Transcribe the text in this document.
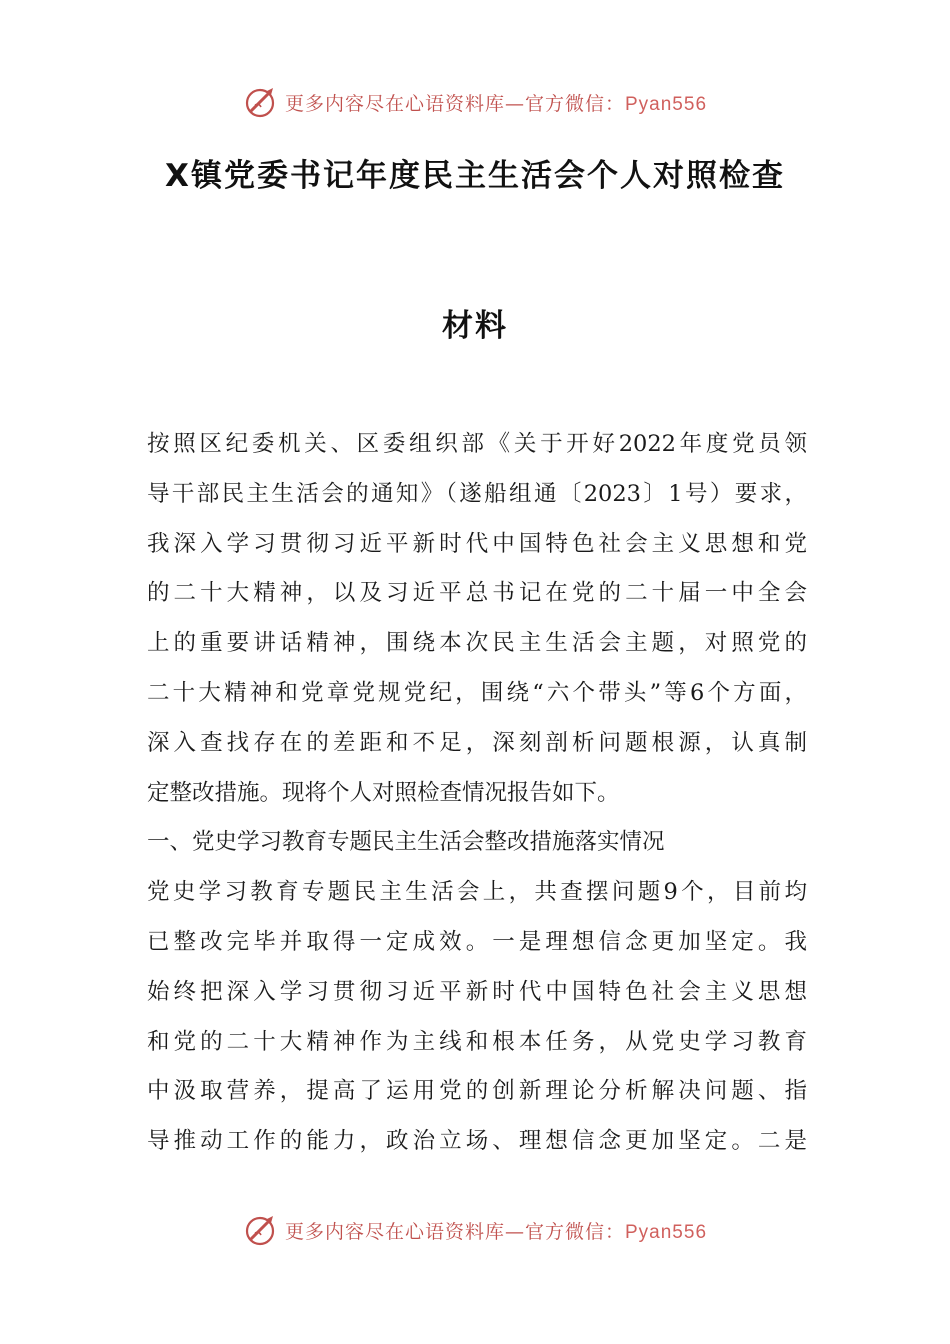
更多内容尽在心语资料库—官方微信：Pyan556
X镇党委书记年度民主生活会个人对照检查
材料
按照区纪委机关、区委组织部《关于开好2022年度党员领
导干部民主生活会的通知》（遂船组通〔2023〕1号）要求，
我深入学习贯彻习近平新时代中国特色社会主义思想和党
的二十大精神，以及习近平总书记在党的二十届一中全会
上的重要讲话精神，围绕本次民主生活会主题，对照党的
二十大精神和党章党规党纪，围绕“六个带头”等6个方面，
深入查找存在的差距和不足，深刻剖析问题根源，认真制
定整改措施。现将个人对照检查情况报告如下。
一、党史学习教育专题民主生活会整改措施落实情况
党史学习教育专题民主生活会上，共查摆问题9个，目前均
已整改完毕并取得一定成效。一是理想信念更加坚定。我
始终把深入学习贯彻习近平新时代中国特色社会主义思想
和党的二十大精神作为主线和根本任务，从党史学习教育
中汲取营养，提高了运用党的创新理论分析解决问题、指
导推动工作的能力，政治立场、理想信念更加坚定。二是
更多内容尽在心语资料库—官方微信：Pyan556
